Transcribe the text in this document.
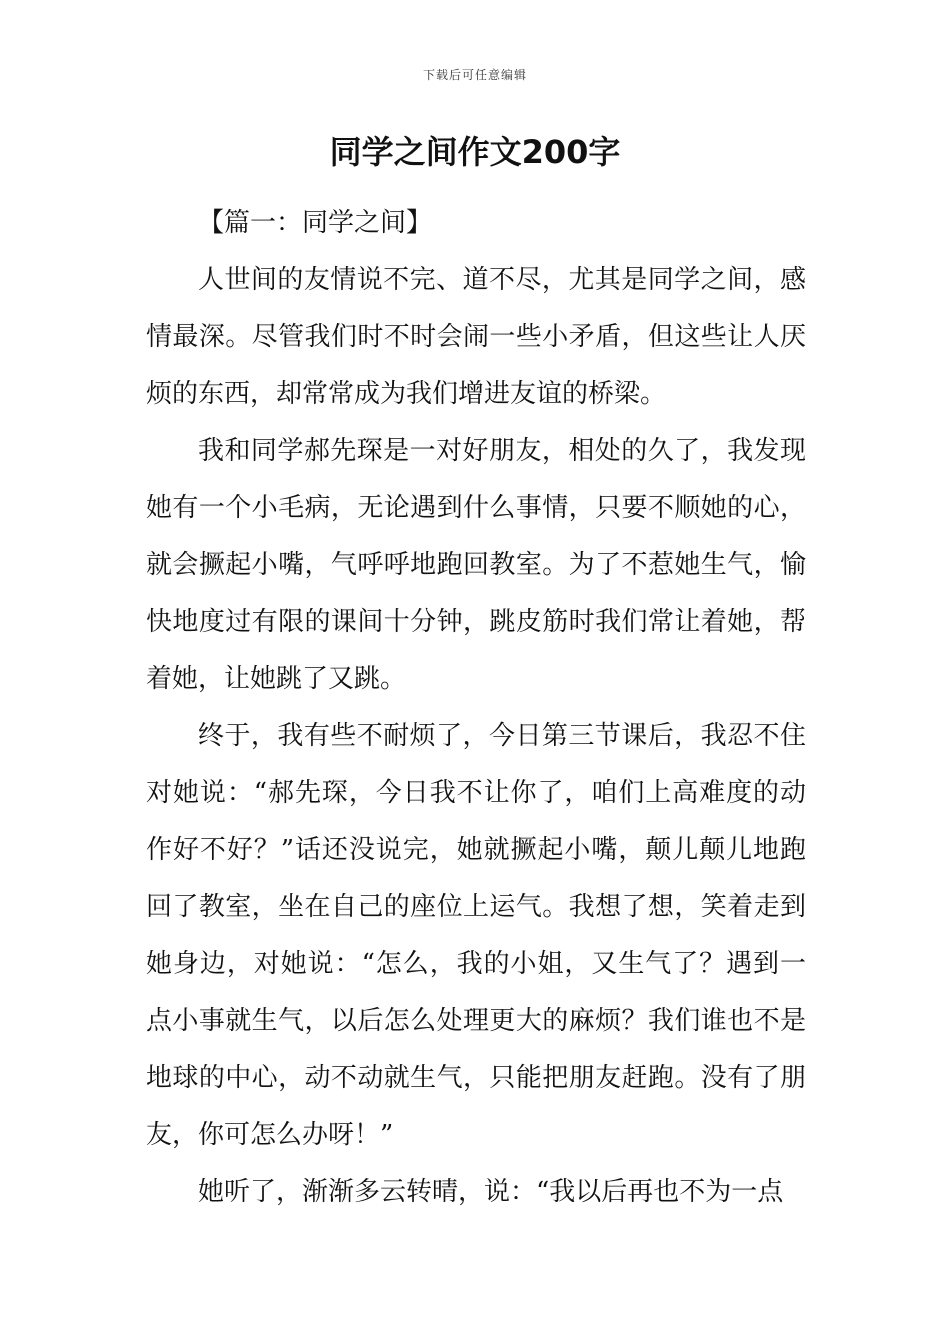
下载后可任意编辑
同学之间作文200字

【篇一：同学之间】

人世间的友情说不完、道不尽，尤其是同学之间，感情最深。尽管我们时不时会闹一些小矛盾，但这些让人厌烦的东西，却常常成为我们增进友谊的桥梁。

我和同学郝先琛是一对好朋友，相处的久了，我发现她有一个小毛病，无论遇到什么事情，只要不顺她的心，就会撅起小嘴，气呼呼地跑回教室。为了不惹她生气，愉快地度过有限的课间十分钟，跳皮筋时我们常让着她，帮着她，让她跳了又跳。

终于，我有些不耐烦了，今日第三节课后，我忍不住对她说：“郝先琛，今日我不让你了，咱们上高难度的动作好不好？”话还没说完，她就撅起小嘴，颠儿颠儿地跑回了教室，坐在自己的座位上运气。我想了想，笑着走到她身边，对她说：“怎么，我的小姐，又生气了？遇到一点小事就生气，以后怎么处理更大的麻烦？我们谁也不是地球的中心，动不动就生气，只能把朋友赶跑。没有了朋友，你可怎么办呀！”

她听了，渐渐多云转晴，说：“我以后再也不为一点
